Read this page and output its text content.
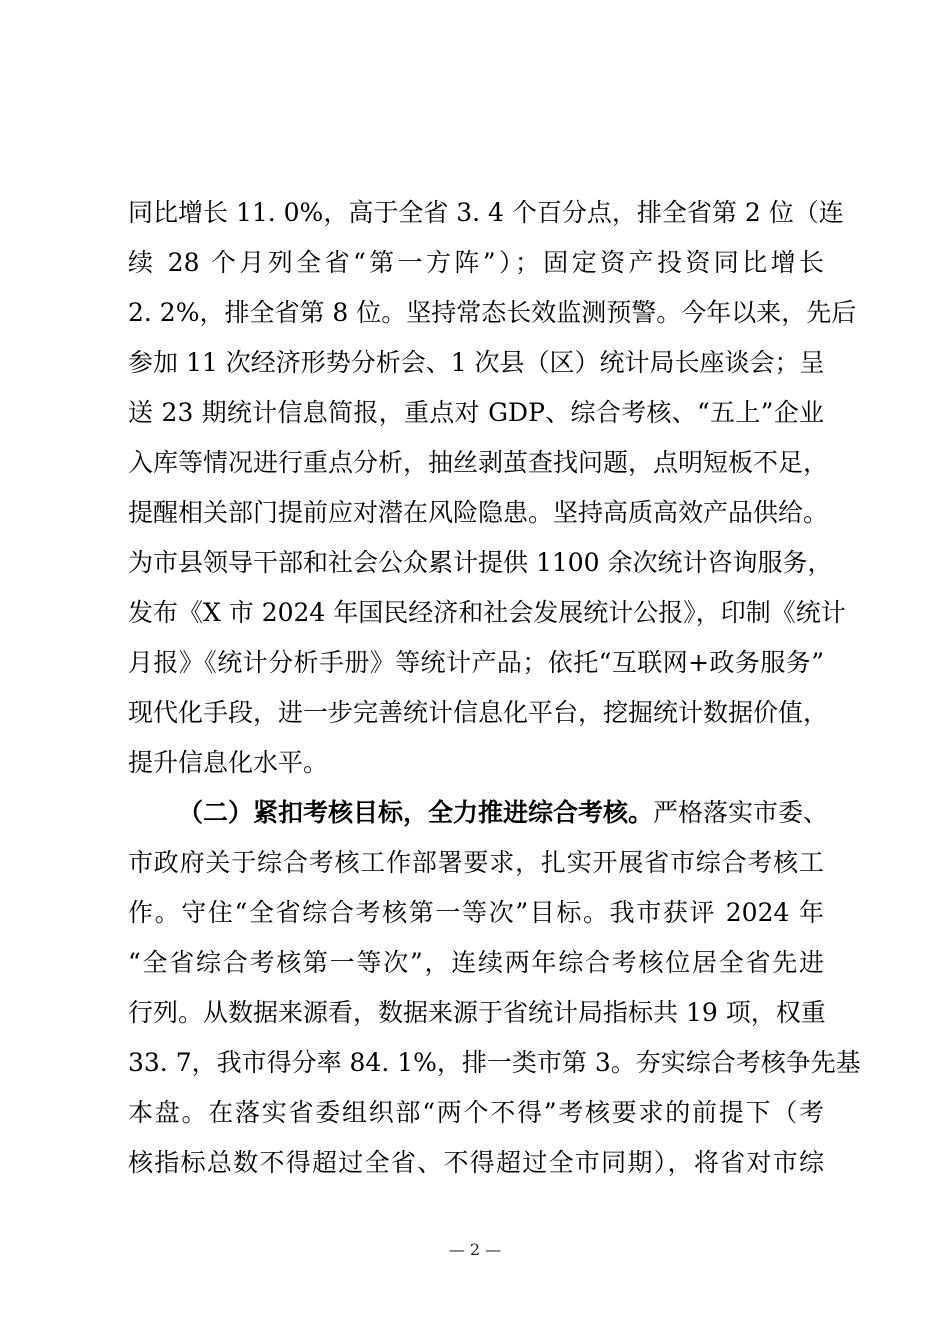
同比增长 11. 0%，高于全省 3. 4 个百分点，排全省第 2 位（连
续 28 个月列全省“第一方阵”）；固定资产投资同比增长
2. 2%，排全省第 8 位。坚持常态长效监测预警。今年以来，先后
参加 11 次经济形势分析会、1 次县（区）统计局长座谈会；呈
送 23 期统计信息简报，重点对 GDP、综合考核、“五上”企业
入库等情况进行重点分析，抽丝剥茧查找问题，点明短板不足，
提醒相关部门提前应对潜在风险隐患。坚持高质高效产品供给。
为市县领导干部和社会公众累计提供 1100 余次统计咨询服务，
发布《X 市 2024 年国民经济和社会发展统计公报》，印制《统计
月报》《统计分析手册》等统计产品；依托“互联网+政务服务”
现代化手段，进一步完善统计信息化平台，挖掘统计数据价值，
提升信息化水平。
（二）紧扣考核目标，全力推进综合考核。严格落实市委、
市政府关于综合考核工作部署要求，扎实开展省市综合考核工
作。守住“全省综合考核第一等次”目标。我市获评 2024 年
“全省综合考核第一等次”，连续两年综合考核位居全省先进
行列。从数据来源看，数据来源于省统计局指标共 19 项，权重
33. 7，我市得分率 84. 1%，排一类市第 3。夯实综合考核争先基
本盘。在落实省委组织部“两个不得”考核要求的前提下（考
核指标总数不得超过全省、不得超过全市同期），将省对市综
— 2 —
